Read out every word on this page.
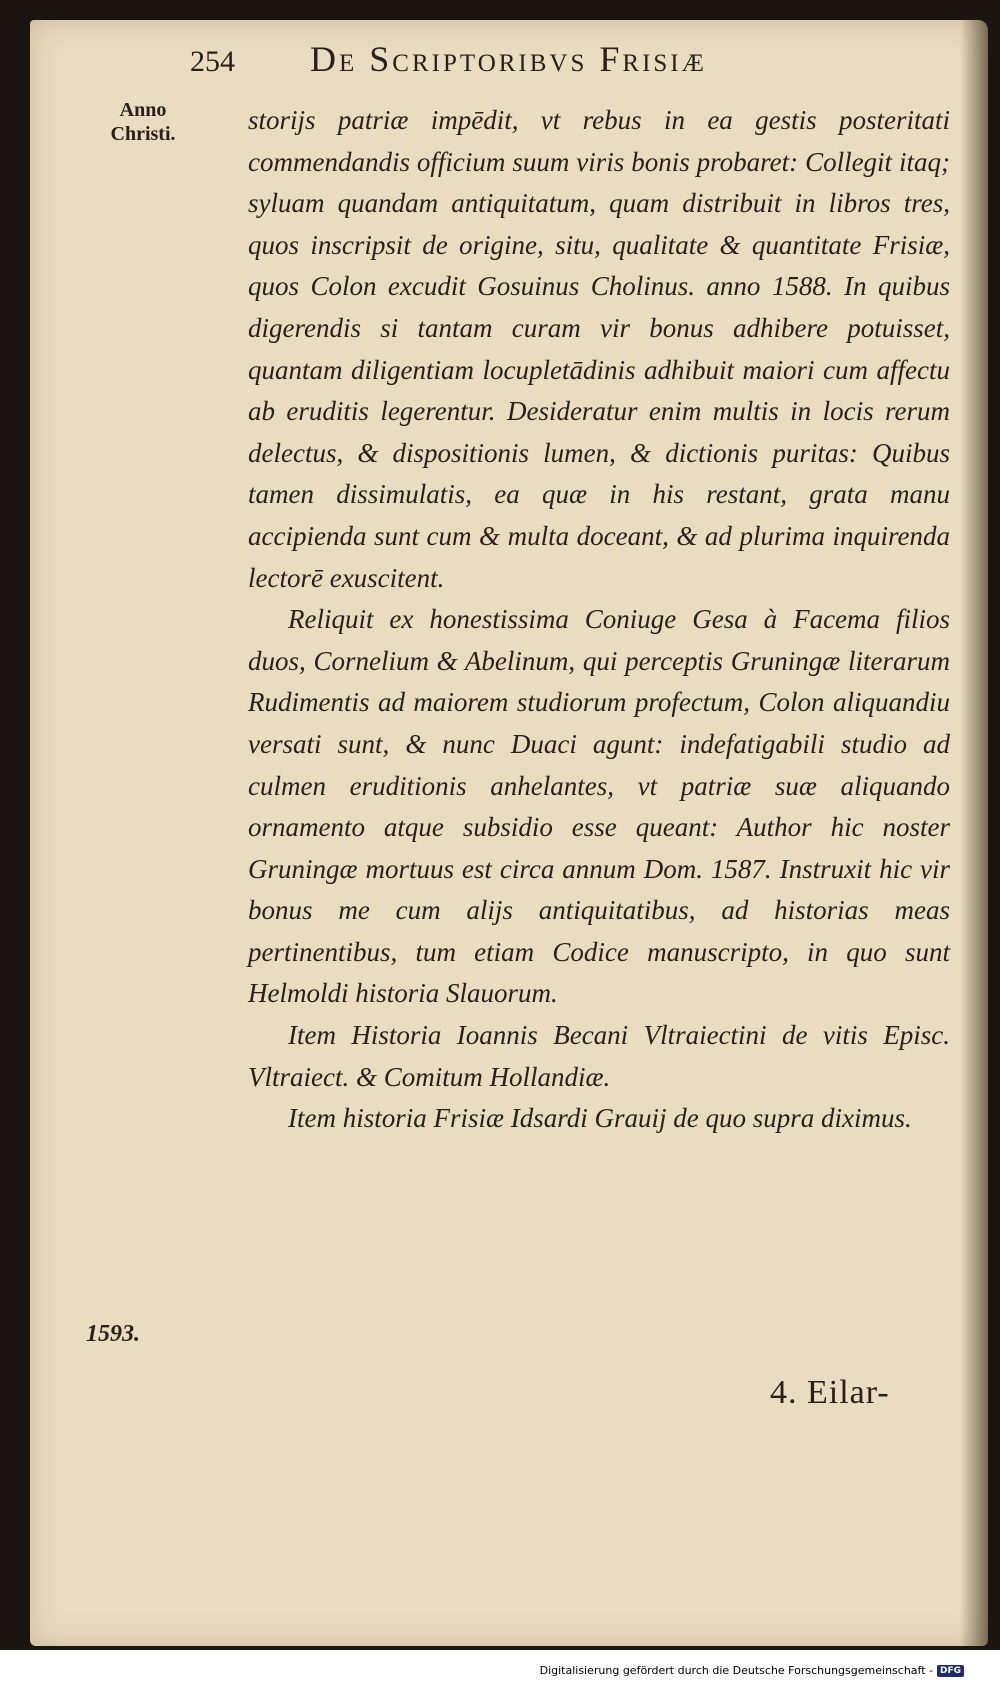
254	De Scriptoribvs Frisiæ
Anno Christi.	storijs patriæ impēdit, vt rebus in ea gestis posteritati commendandis officium suum viris bonis probaret: Collegit itaq; syluam quandam antiquitatum, quam distribuit in libros tres, quos inscripsit de origine, situ, qualitate & quantitate Frisiæ, quos Colon excudit Gosuinus Cholinus. anno 1588. In quibus digerendis si tantam curam vir bonus adhibere potuisset, quantam diligentiam locupletādinis adhibuit maiori cum affectu ab eruditis legerentur. Desideratur enim multis in locis rerum delectus, & dispositionis lumen, & dictionis puritas: Quibus tamen dissimulatis, ea quæ in his restant, grata manu accipienda sunt cum & multa doceant, & ad plurima inquirenda lectorē exuscitent.

Reliquit ex honestissima Coniuge Gesa à Facema filios duos, Cornelium & Abelinum, qui perceptis Gruningæ literarum Rudimentis ad maiorem studiorum profectum, Colon aliquandiu versati sunt, & nunc Duaci agunt: indefatigabili studio ad culmen eruditionis anhelantes, vt patriæ suæ aliquando ornamento atque subsidio esse queant: Author hic noster Gruningæ mortuus est circa annum Dom. 1587. Instruxit hic vir bonus me cum alijs antiquitatibus, ad historias meas pertinentibus, tum etiam Codice manuscripto, in quo sunt Helmoldi historia Slauorum.

Item Historia Ioannis Becani Vltraiectini de vitis Episc. Vltraiect. & Comitum Hollandiæ.

Item historia Frisiæ Idsardi Grauij de quo supra diximus.

1593.
4. Eilar-
Digitalisierung gefördert durch die Deutsche Forschungsgemeinschaft - DFG
